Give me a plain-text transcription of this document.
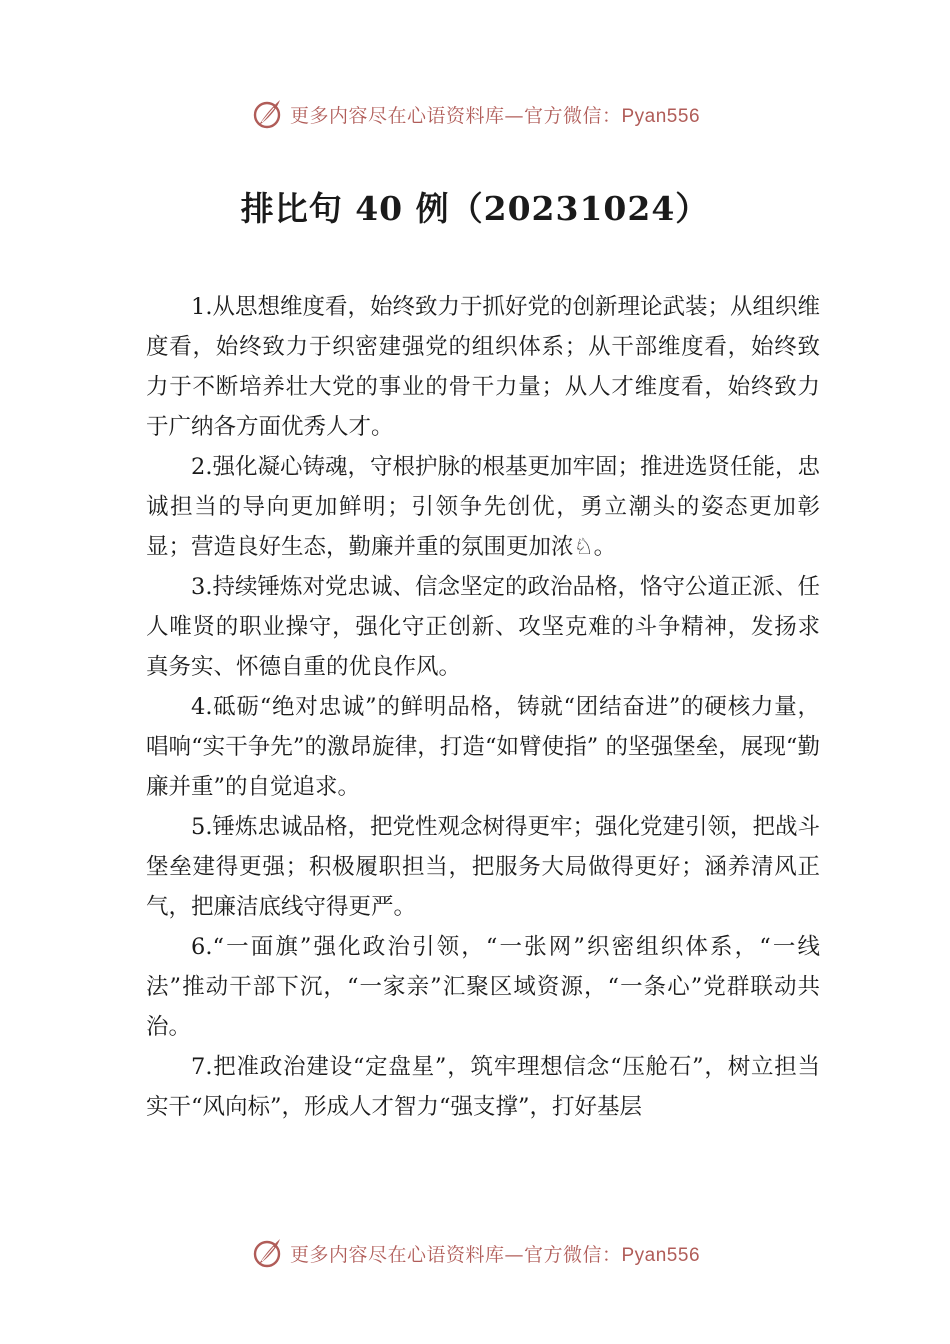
更多内容尽在心语资料库—官方微信：Pyan556
排比句 40 例（20231024）

1.从思想维度看，始终致力于抓好党的创新理论武装；从组织维度看，始终致力于织密建强党的组织体系；从干部维度看，始终致力于不断培养壮大党的事业的骨干力量；从人才维度看，始终致力于广纳各方面优秀人才。

2.强化凝心铸魂，守根护脉的根基更加牢固；推进选贤任能，忠诚担当的导向更加鲜明；引领争先创优，勇立潮头的姿态更加彰显；营造良好生态，勤廉并重的氛围更加浓♘。

3.持续锤炼对党忠诚、信念坚定的政治品格，恪守公道正派、任人唯贤的职业操守，强化守正创新、攻坚克难的斗争精神，发扬求真务实、怀德自重的优良作风。

4.砥砺“绝对忠诚”的鲜明品格，铸就“团结奋进”的硬核力量，唱响“实干争先”的激昂旋律，打造“如臂使指” 的坚强堡垒，展现“勤廉并重”的自觉追求。

5.锤炼忠诚品格，把党性观念树得更牢；强化党建引领，把战斗堡垒建得更强；积极履职担当，把服务大局做得更好；涵养清风正气，把廉洁底线守得更严。

6.“一面旗”强化政治引领，“一张网”织密组织体系，“一线法”推动干部下沉，“一家亲”汇聚区域资源，“一条心”党群联动共治。

7.把准政治建设“定盘星”，筑牢理想信念“压舱石”，树立担当实干“风向标”，形成人才智力“强支撑”，打好基层

更多内容尽在心语资料库—官方微信：Pyan556
